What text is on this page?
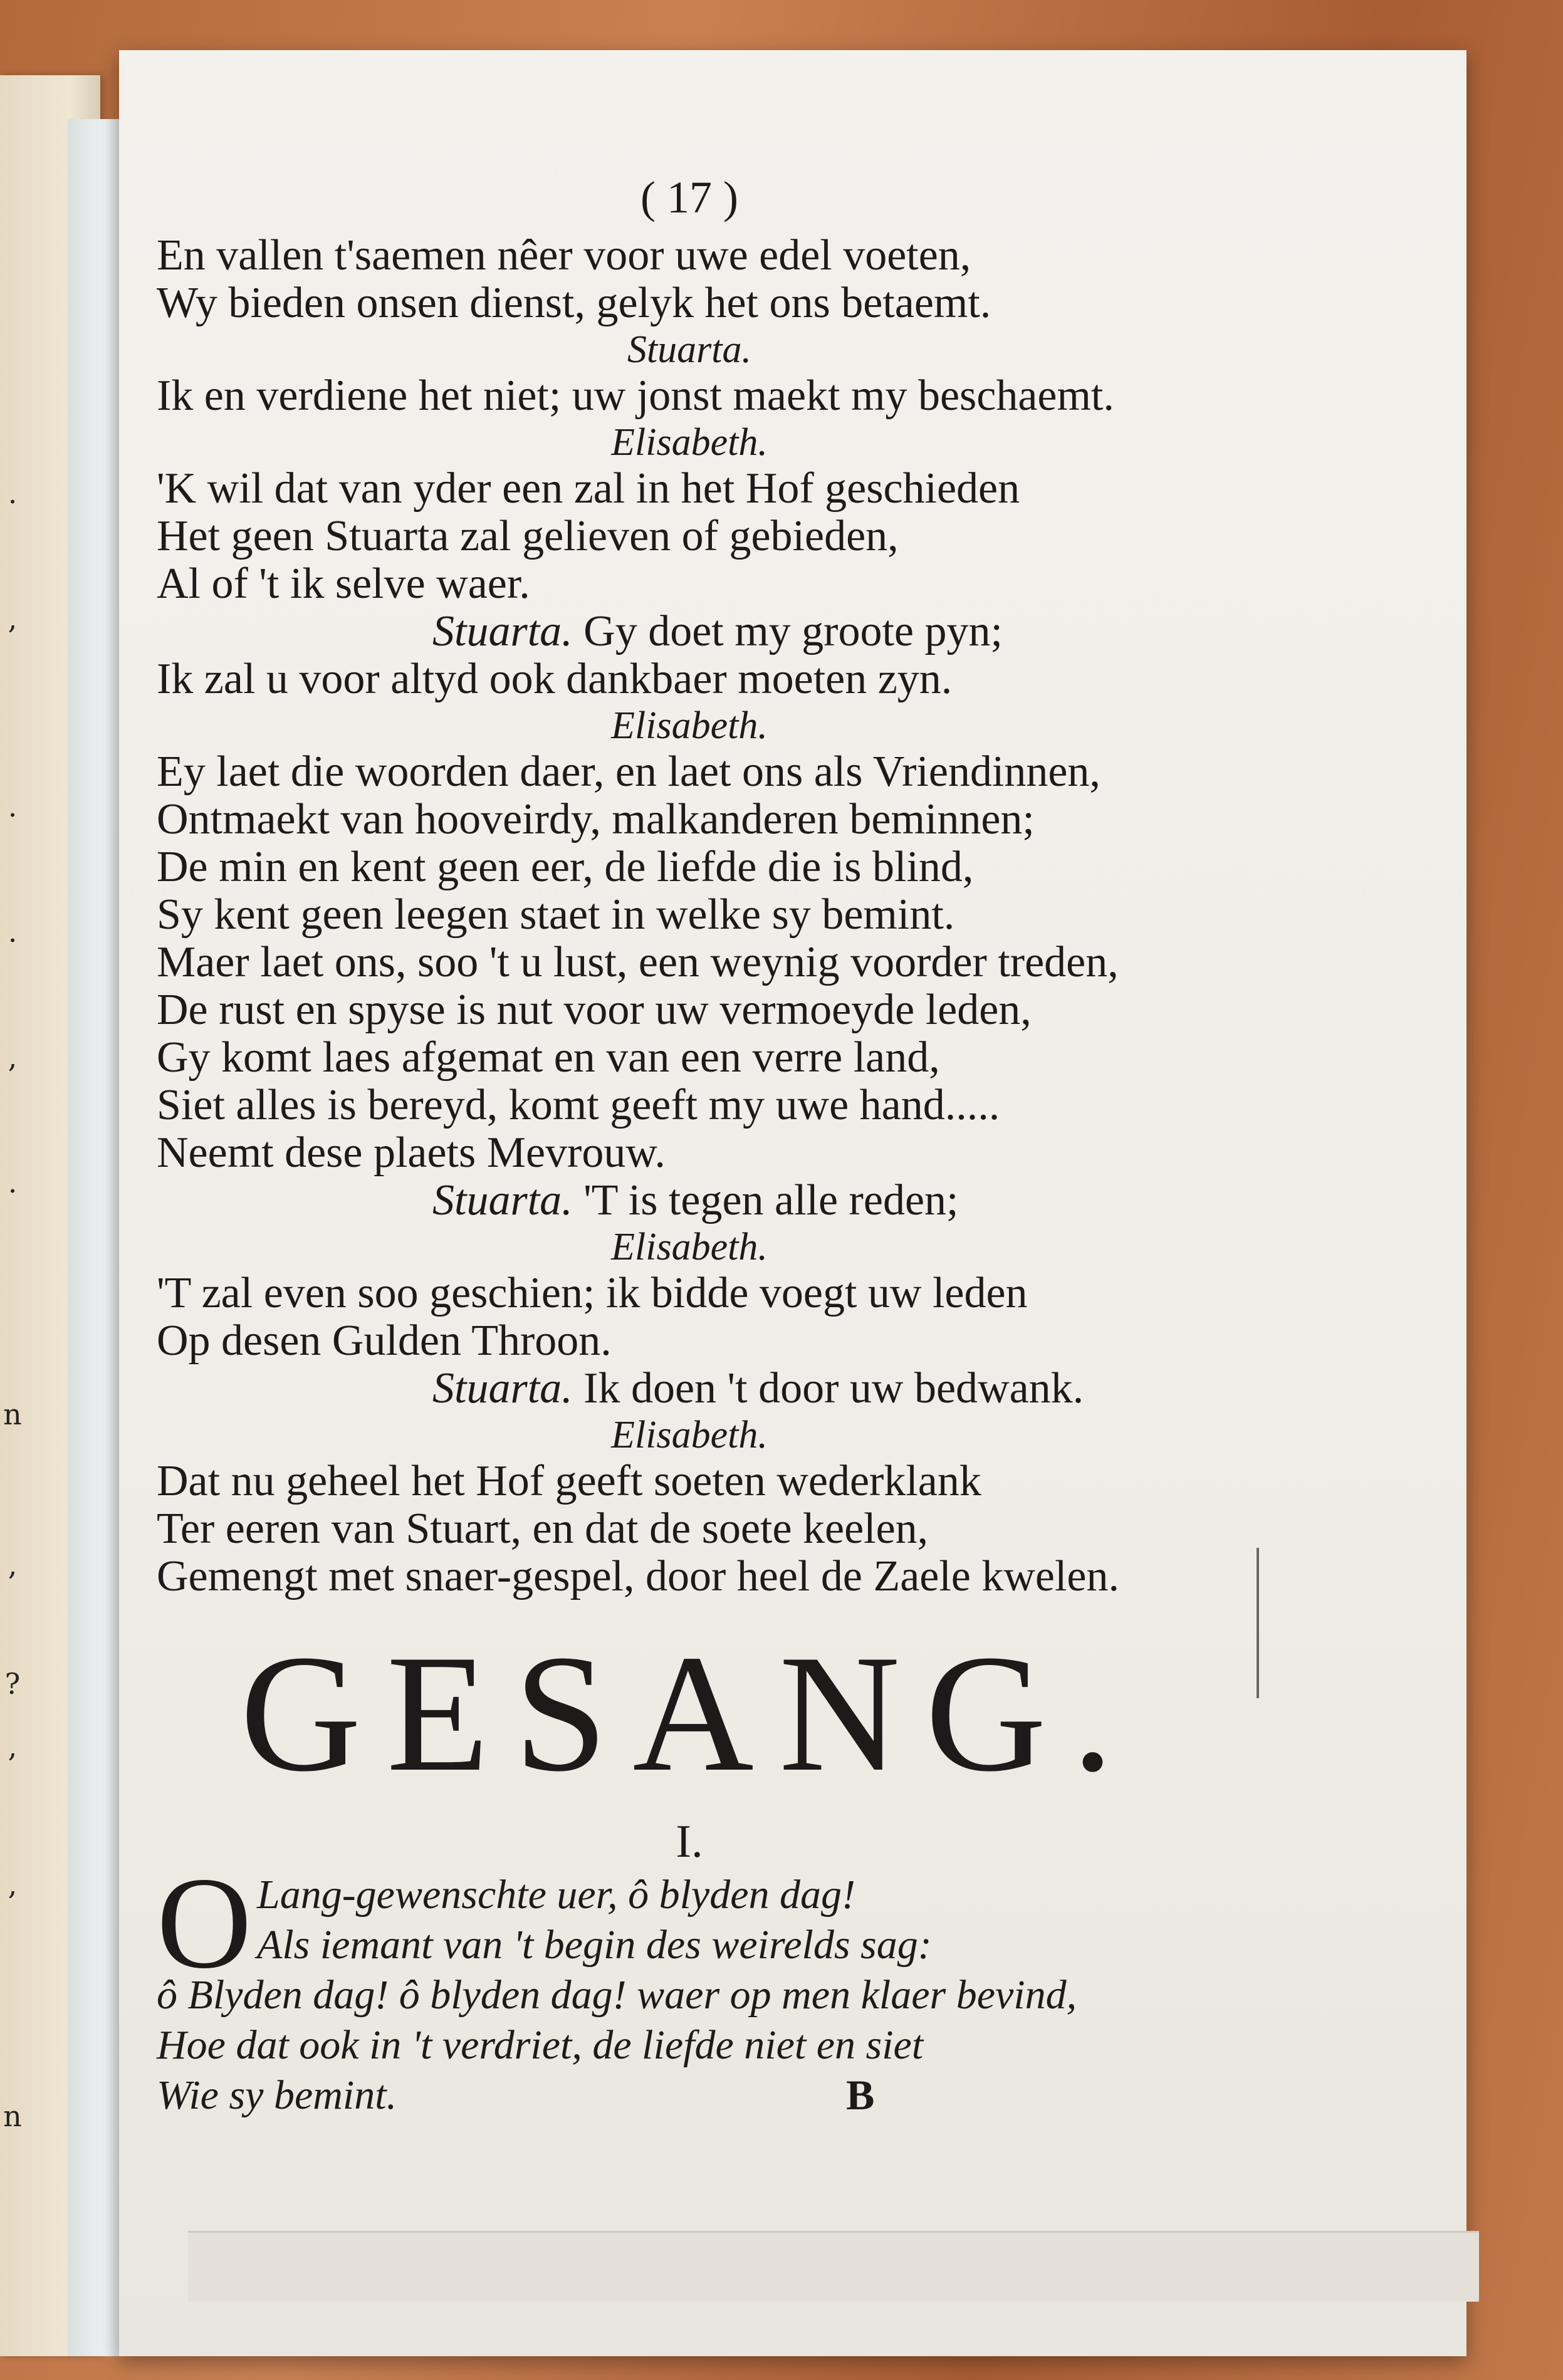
.
,
.
.
,
.
n
,
?
,
,
n
( 17 )
En vallen t'saemen nêer voor uwe edel voeten,
Wy bieden onsen dienst, gelyk het ons betaemt.
Stuarta.
Ik en verdiene het niet; uw jonst maekt my beschaemt.
Elisabeth.
'K wil dat van yder een zal in het Hof geschieden
Het geen Stuarta zal gelieven of gebieden,
Al of 't ik selve waer.
Stuarta. Gy doet my groote pyn;
Ik zal u voor altyd ook dankbaer moeten zyn.
Elisabeth.
Ey laet die woorden daer, en laet ons als Vriendinnen,
Ontmaekt van hooveirdy, malkanderen beminnen;
De min en kent geen eer, de liefde die is blind,
Sy kent geen leegen staet in welke sy bemint.
Maer laet ons, soo 't u lust, een weynig voorder treden,
De rust en spyse is nut voor uw vermoeyde leden,
Gy komt laes afgemat en van een verre land,
Siet alles is bereyd, komt geeft my uwe hand.....
Neemt dese plaets Mevrouw.
Stuarta. 'T is tegen alle reden;
Elisabeth.
'T zal even soo geschien; ik bidde voegt uw leden
Op desen Gulden Throon.
Stuarta. Ik doen 't door uw bedwank.
Elisabeth.
Dat nu geheel het Hof geeft soeten wederklank
Ter eeren van Stuart, en dat de soete keelen,
Gemengt met snaer-gespel, door heel de Zaele kwelen.
GESANG.
I.
O Lang-gewenschte uer, ô blyden dag!
Als iemant van 't begin des weirelds sag:
ô Blyden dag! ô blyden dag! waer op men klaer bevind,
Hoe dat ook in 't verdriet, de liefde niet en siet
Wie sy bemint.	B
